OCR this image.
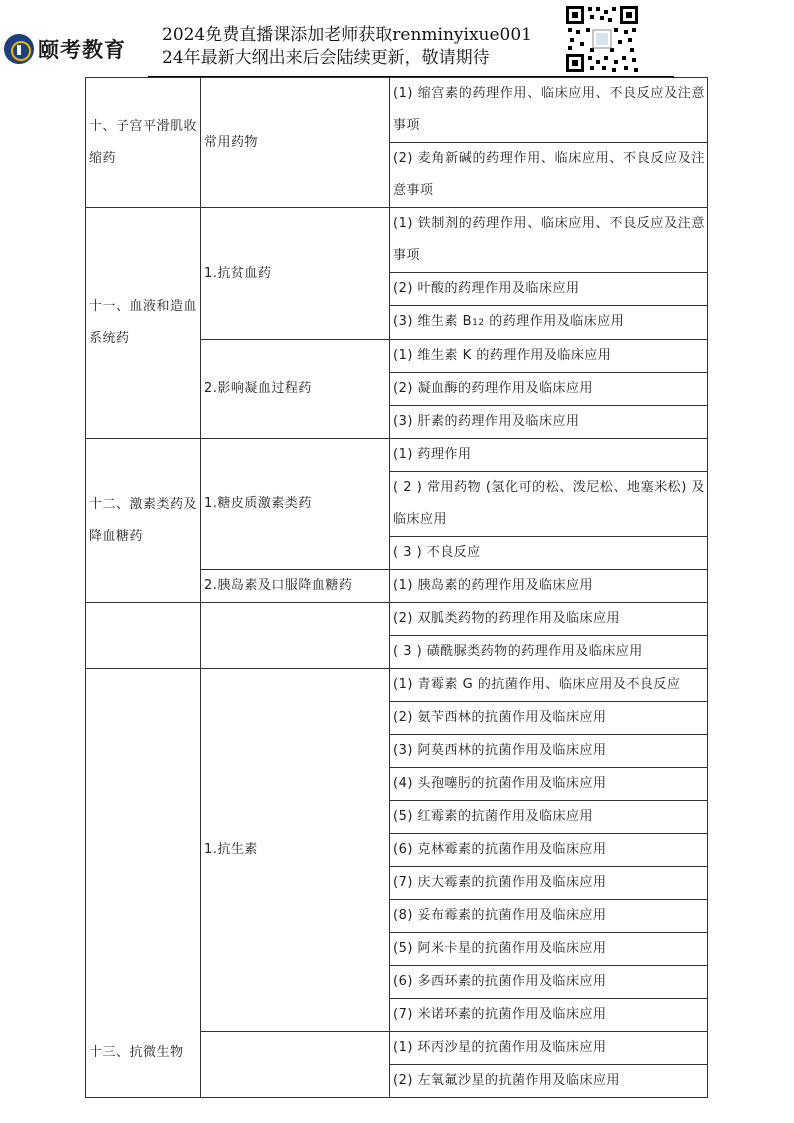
颐考教育
2024免费直播课添加老师获取renminyixue001
24年最新大纲出来后会陆续更新，敬请期待
十、子宫平滑肌收缩药	常用药物	(1) 缩宫素的药理作用、临床应用、不良反应及注意事项
		(2) 麦角新碱的药理作用、临床应用、不良反应及注意事项
十一、血液和造血系统药	1.抗贫血药	(1) 铁制剂的药理作用、临床应用、不良反应及注意事项
		(2) 叶酸的药理作用及临床应用
		(3) 维生素 B12 的药理作用及临床应用
	2.影响凝血过程药	(1) 维生素 K 的药理作用及临床应用
		(2) 凝血酶的药理作用及临床应用
		(3) 肝素的药理作用及临床应用
十二、激素类药及降血糖药	1.糖皮质激素类药	(1) 药理作用
		( 2 ) 常用药物 (氢化可的松、泼尼松、地塞米松) 及临床应用
		( 3 ) 不良反应
	2.胰岛素及口服降血糖药	(1) 胰岛素的药理作用及临床应用
		(2) 双胍类药物的药理作用及临床应用
		( 3 ) 磺酰脲类药物的药理作用及临床应用
十三、抗微生物	1.抗生素	(1) 青霉素 G 的抗菌作用、临床应用及不良反应
		(2) 氨苄西林的抗菌作用及临床应用
		(3) 阿莫西林的抗菌作用及临床应用
		(4) 头孢噻肟的抗菌作用及临床应用
		(5) 红霉素的抗菌作用及临床应用
		(6) 克林霉素的抗菌作用及临床应用
		(7) 庆大霉素的抗菌作用及临床应用
		(8) 妥布霉素的抗菌作用及临床应用
		(5) 阿米卡星的抗菌作用及临床应用
		(6) 多西环素的抗菌作用及临床应用
		(7) 米诺环素的抗菌作用及临床应用
		(1) 环丙沙星的抗菌作用及临床应用
		(2) 左氧氟沙星的抗菌作用及临床应用
